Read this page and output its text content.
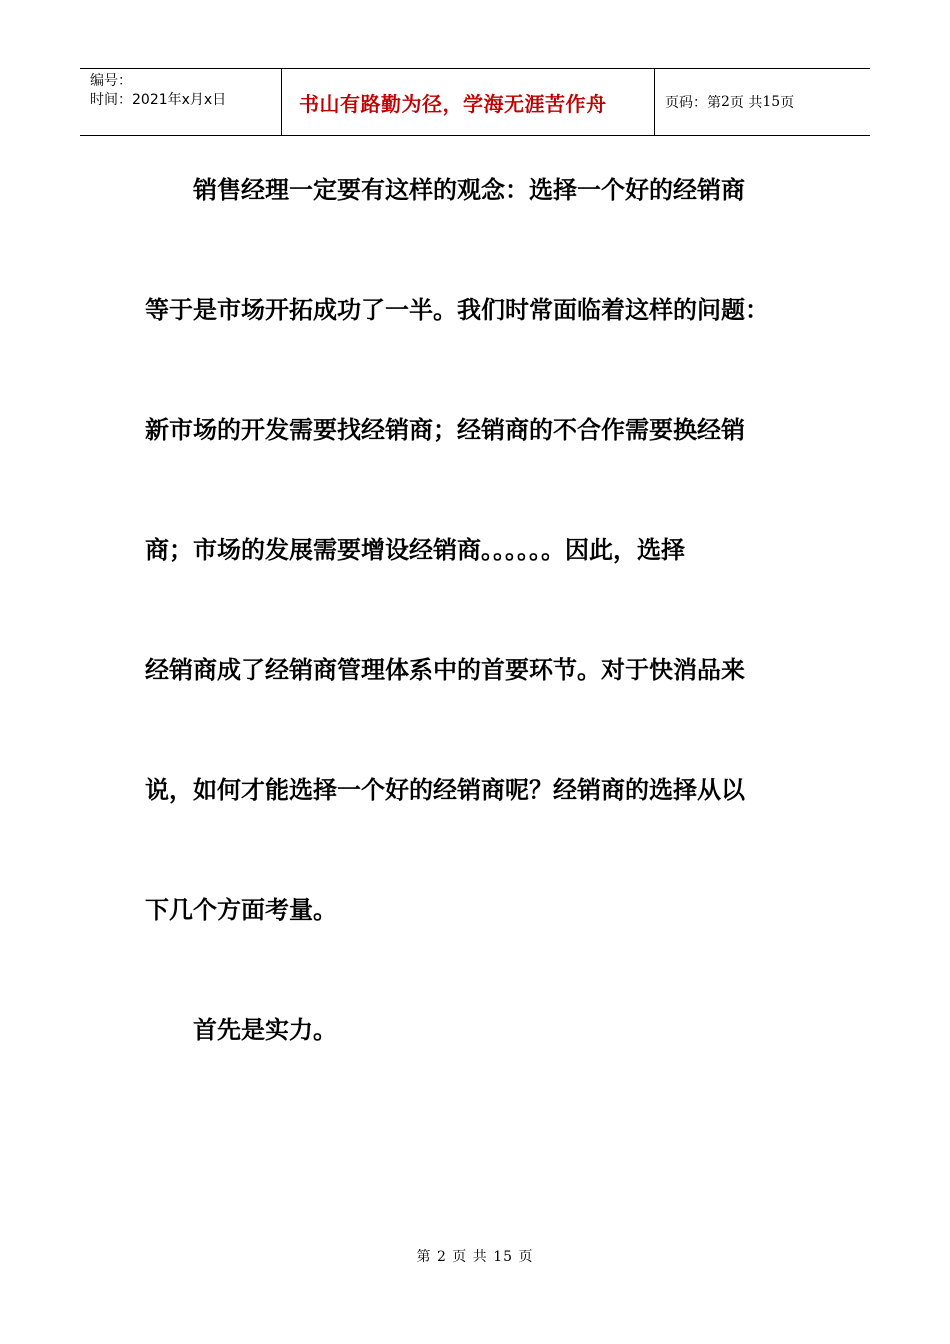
编号：
时间：2021年x月x日	书山有路勤为径，学海无涯苦作舟	页码：第 2 页 共 15 页
　　销售经理一定要有这样的观念：选择一个好的经销商
等于是市场开拓成功了一半。我们时常面临着这样的问题：
新市场的开发需要找经销商；经销商的不合作需要换经销
商；市场的发展需要增设经销商。。。。。。因此，选择
经销商成了经销商管理体系中的首要环节。对于快消品来
说，如何才能选择一个好的经销商呢？经销商的选择从以
下几个方面考量。
　　首先是实力。
第 2 页 共 15 页
